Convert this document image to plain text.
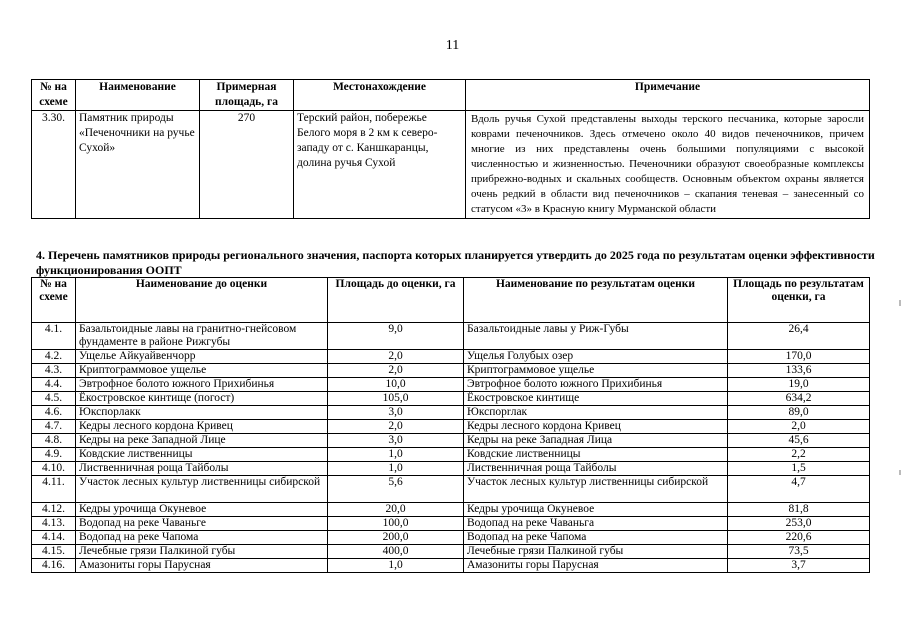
11
№ на схеме	Наименование	Примерная площадь, га	Местонахождение	Примечание
3.30.	Памятник природы «Печеночники на ручье Сухой»	270	Терский район, побережье Белого моря в 2 км к северо-западу от с. Каншкаранцы, долина ручья Сухой	Вдоль ручья Сухой представлены выходы терского песчаника, которые заросли коврами печеночников. Здесь отмечено около 40 видов печеночников, причем многие из них представлены очень большими популяциями с высокой численностью и жизненностью. Печеночники образуют своеобразные комплексы прибрежно-водных и скальных сообществ. Основным объектом охраны является очень редкий в области вид печеночников – скапания теневая – занесенный со статусом «3» в Красную книгу Мурманской области
4. Перечень памятников природы регионального значения, паспорта которых планируется утвердить до 2025 года по результатам оценки эффективности функционирования ООПТ
№ на схеме	Наименование до оценки	Площадь до оценки, га	Наименование по результатам оценки	Площадь по результатам оценки, га
4.1.	Базальтоидные лавы на гранитно-гнейсовом фундаменте в районе Рижгубы	9,0	Базальтоидные лавы у Риж-Губы	26,4
4.2.	Ущелье Айкуайвенчорр	2,0	Ущелья Голубых озер	170,0
4.3.	Криптограммовое ущелье	2,0	Криптограммовое ущелье	133,6
4.4.	Эвтрофное болото южного Прихибинья	10,0	Эвтрофное болото южного Прихибинья	19,0
4.5.	Ёкостровское кинтище (погост)	105,0	Ёкостровское кинтище	634,2
4.6.	Юкспорлакк	3,0	Юкспорrлак	89,0
4.7.	Кедры лесного кордона Кривец	2,0	Кедры лесного кордона Кривец	2,0
4.8.	Кедры на реке Западной Лице	3,0	Кедры на реке Западная Лица	45,6
4.9.	Ковдские лиственницы	1,0	Ковдские лиственницы	2,2
4.10.	Лиственничная роща Тайболы	1,0	Лиственничная роща Тайболы	1,5
4.11.	Участок лесных культур лиственницы сибирской	5,6	Участок лесных культур лиственницы сибирской	4,7
4.12.	Кедры урочища Окуневое	20,0	Кедры урочища Окуневое	81,8
4.13.	Водопад на реке Чаваньге	100,0	Водопад на реке Чаваньга	253,0
4.14.	Водопад на реке Чапома	200,0	Водопад на реке Чапома	220,6
4.15.	Лечебные грязи Палкиной губы	400,0	Лечебные грязи Палкиной губы	73,5
4.16.	Амазониты горы Парусная	1,0	Амазониты горы Парусная	3,7
